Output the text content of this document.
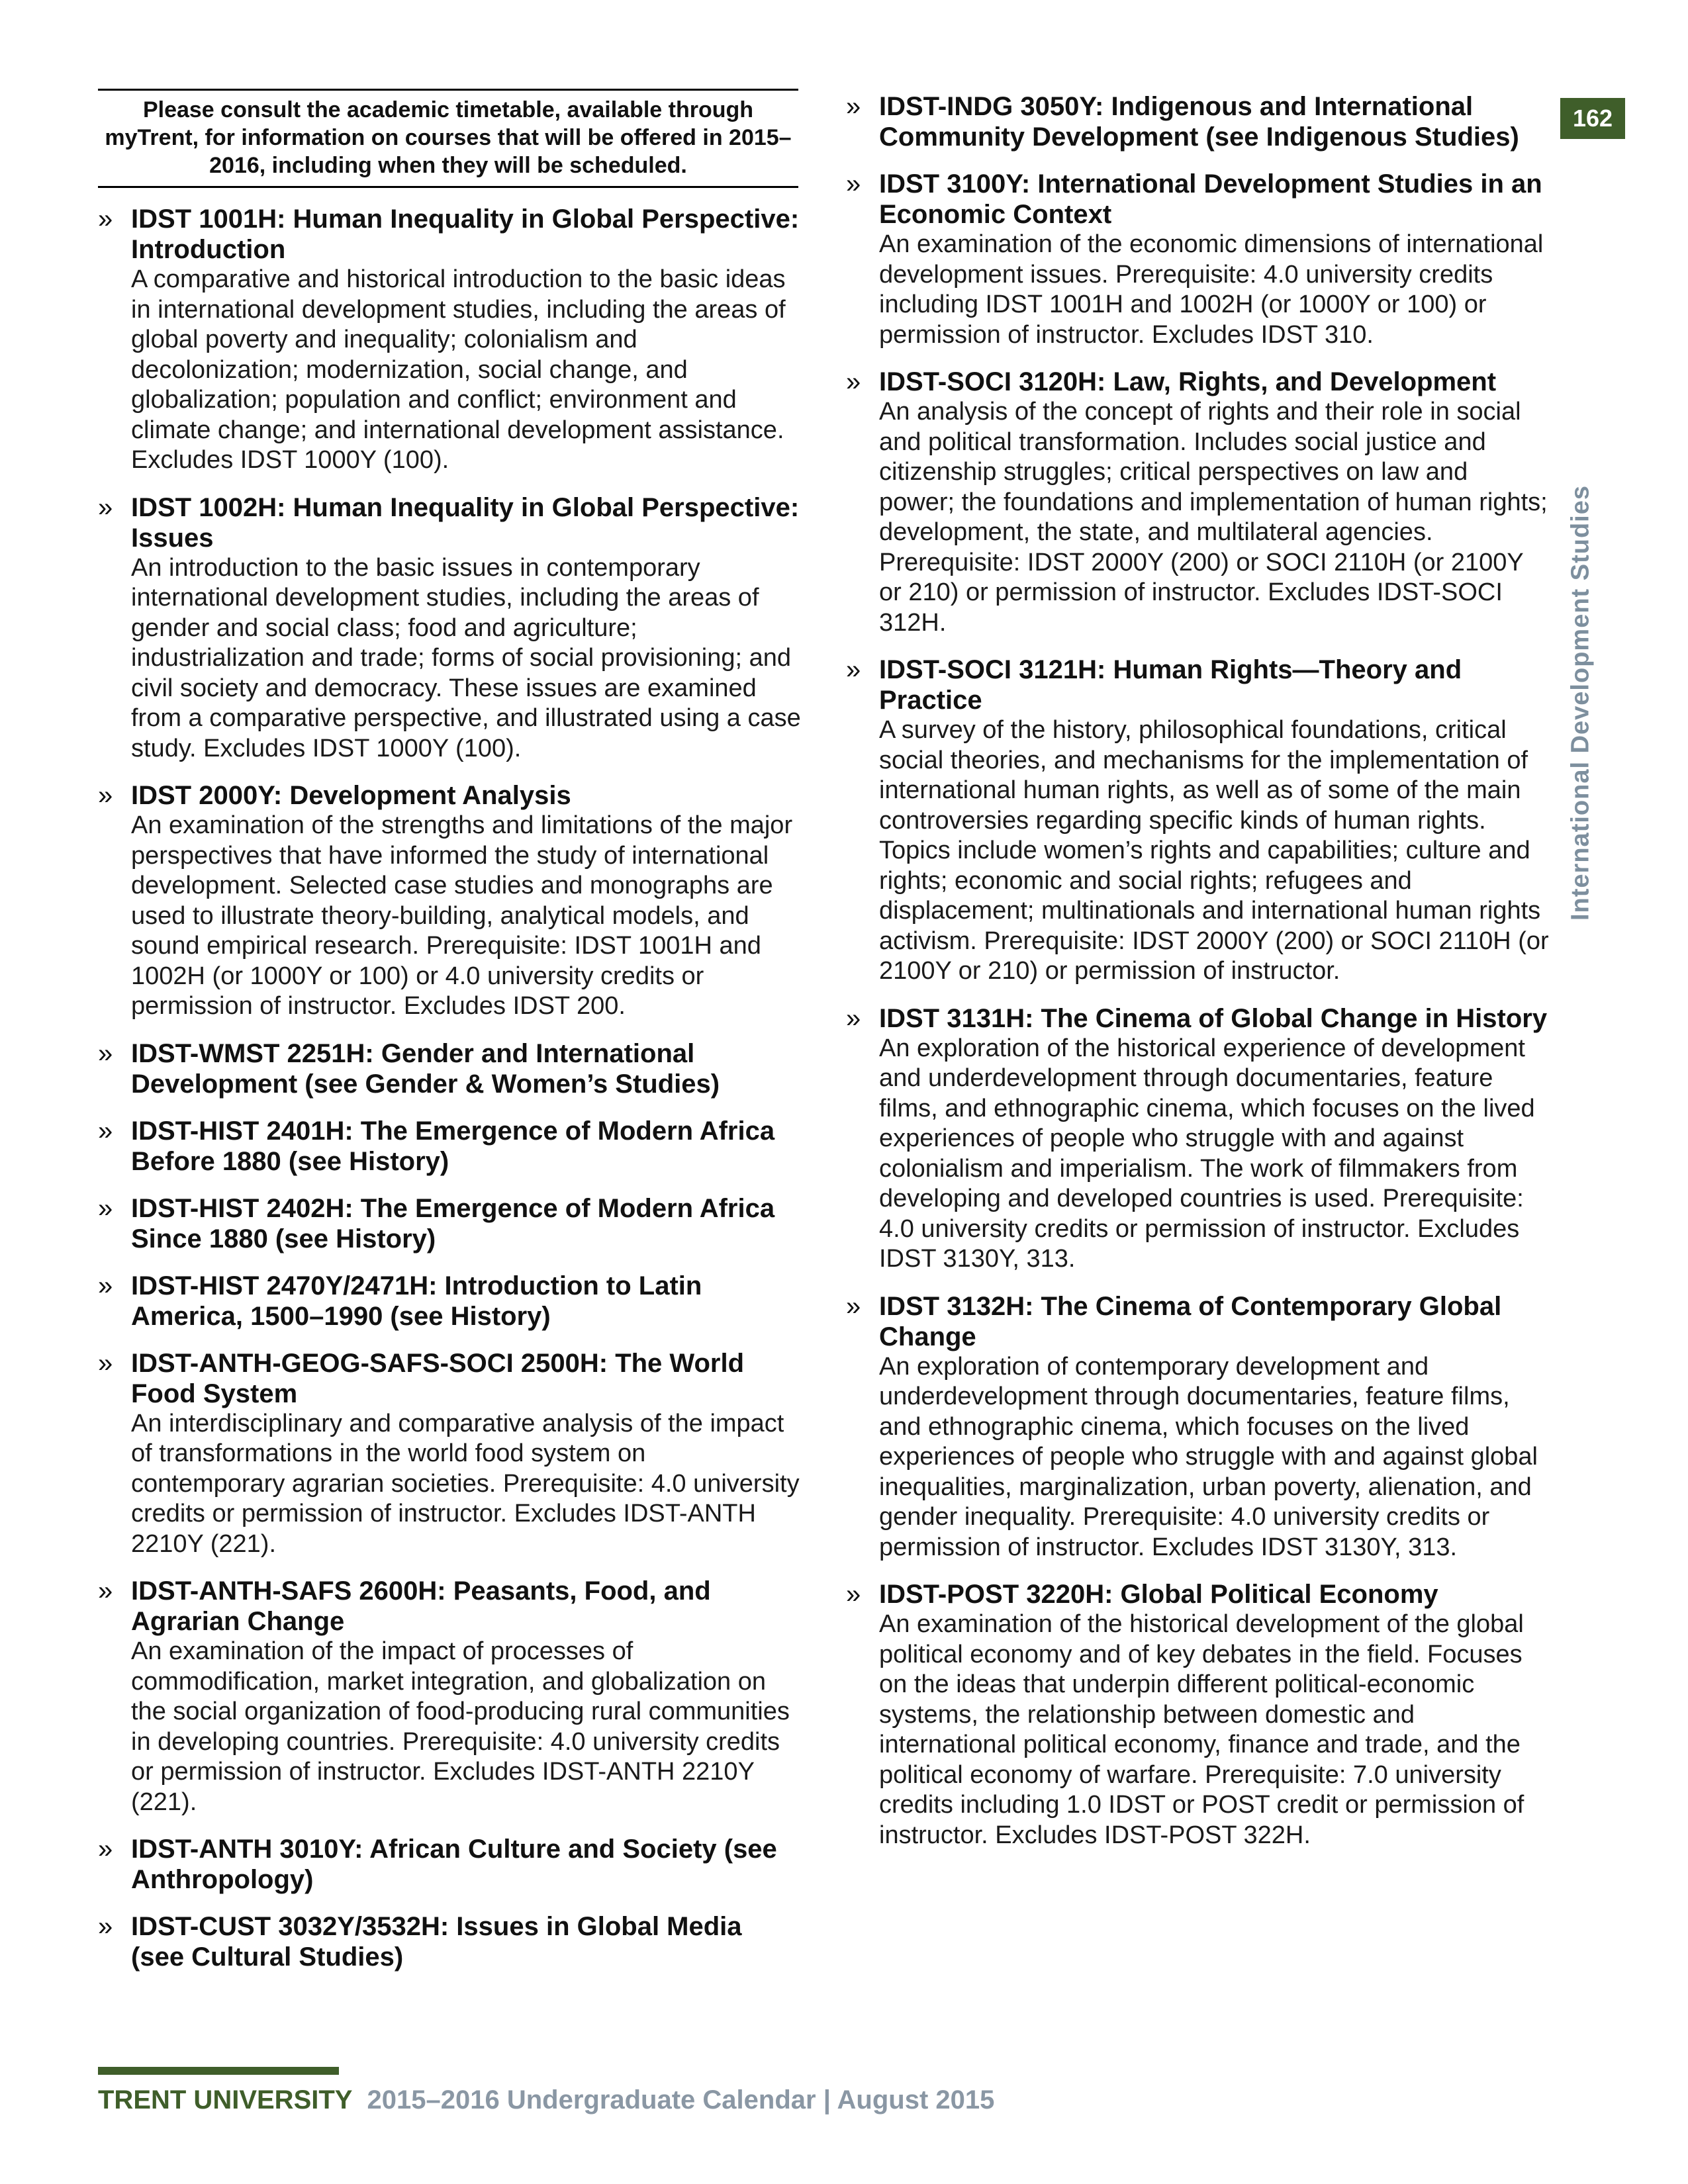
Please consult the academic timetable, available through myTrent, for information on courses that will be offered in 2015–2016, including when they will be scheduled.
» IDST 1001H: Human Inequality in Global Perspective: Introduction
A comparative and historical introduction to the basic ideas in international development studies, including the areas of global poverty and inequality; colonialism and decolonization; modernization, social change, and globalization; population and conflict; environment and climate change; and international development assistance. Excludes IDST 1000Y (100).
» IDST 1002H: Human Inequality in Global Perspective: Issues
An introduction to the basic issues in contemporary international development studies, including the areas of gender and social class; food and agriculture; industrialization and trade; forms of social provisioning; and civil society and democracy. These issues are examined from a comparative perspective, and illustrated using a case study. Excludes IDST 1000Y (100).
» IDST 2000Y: Development Analysis
An examination of the strengths and limitations of the major perspectives that have informed the study of international development. Selected case studies and monographs are used to illustrate theory-building, analytical models, and sound empirical research. Prerequisite: IDST 1001H and 1002H (or 1000Y or 100) or 4.0 university credits or permission of instructor. Excludes IDST 200.
» IDST-WMST 2251H: Gender and International Development (see Gender & Women’s Studies)
» IDST-HIST 2401H: The Emergence of Modern Africa Before 1880 (see History)
» IDST-HIST 2402H: The Emergence of Modern Africa Since 1880 (see History)
» IDST-HIST 2470Y/2471H: Introduction to Latin America, 1500–1990 (see History)
» IDST-ANTH-GEOG-SAFS-SOCI 2500H: The World Food System
An interdisciplinary and comparative analysis of the impact of transformations in the world food system on contemporary agrarian societies. Prerequisite: 4.0 university credits or permission of instructor. Excludes IDST-ANTH 2210Y (221).
» IDST-ANTH-SAFS 2600H: Peasants, Food, and Agrarian Change
An examination of the impact of processes of commodification, market integration, and globalization on the social organization of food-producing rural communities in developing countries. Prerequisite: 4.0 university credits or permission of instructor. Excludes IDST-ANTH 2210Y (221).
» IDST-ANTH 3010Y: African Culture and Society (see Anthropology)
» IDST-CUST 3032Y/3532H: Issues in Global Media (see Cultural Studies)
» IDST-INDG 3050Y: Indigenous and International Community Development (see Indigenous Studies)
» IDST 3100Y: International Development Studies in an Economic Context
An examination of the economic dimensions of international development issues. Prerequisite: 4.0 university credits including IDST 1001H and 1002H (or 1000Y or 100) or permission of instructor. Excludes IDST 310.
» IDST-SOCI 3120H: Law, Rights, and Development
An analysis of the concept of rights and their role in social and political transformation. Includes social justice and citizenship struggles; critical perspectives on law and power; the foundations and implementation of human rights; development, the state, and multilateral agencies. Prerequisite: IDST 2000Y (200) or SOCI 2110H (or 2100Y or 210) or permission of instructor. Excludes IDST-SOCI 312H.
» IDST-SOCI 3121H: Human Rights—Theory and Practice
A survey of the history, philosophical foundations, critical social theories, and mechanisms for the implementation of international human rights, as well as of some of the main controversies regarding specific kinds of human rights. Topics include women’s rights and capabilities; culture and rights; economic and social rights; refugees and displacement; multinationals and international human rights activism. Prerequisite: IDST 2000Y (200) or SOCI 2110H (or 2100Y or 210) or permission of instructor.
» IDST 3131H: The Cinema of Global Change in History
An exploration of the historical experience of development and underdevelopment through documentaries, feature films, and ethnographic cinema, which focuses on the lived experiences of people who struggle with and against colonialism and imperialism. The work of filmmakers from developing and developed countries is used. Prerequisite: 4.0 university credits or permission of instructor. Excludes IDST 3130Y, 313.
» IDST 3132H: The Cinema of Contemporary Global Change
An exploration of contemporary development and underdevelopment through documentaries, feature films, and ethnographic cinema, which focuses on the lived experiences of people who struggle with and against global inequalities, marginalization, urban poverty, alienation, and gender inequality. Prerequisite: 4.0 university credits or permission of instructor. Excludes IDST 3130Y, 313.
» IDST-POST 3220H: Global Political Economy
An examination of the historical development of the global political economy and of key debates in the field. Focuses on the ideas that underpin different political-economic systems, the relationship between domestic and international political economy, finance and trade, and the political economy of warfare. Prerequisite: 7.0 university credits including 1.0 IDST or POST credit or permission of instructor. Excludes IDST-POST 322H.
162
International Development Studies
TRENT UNIVERSITY 2015–2016 Undergraduate Calendar | August 2015
